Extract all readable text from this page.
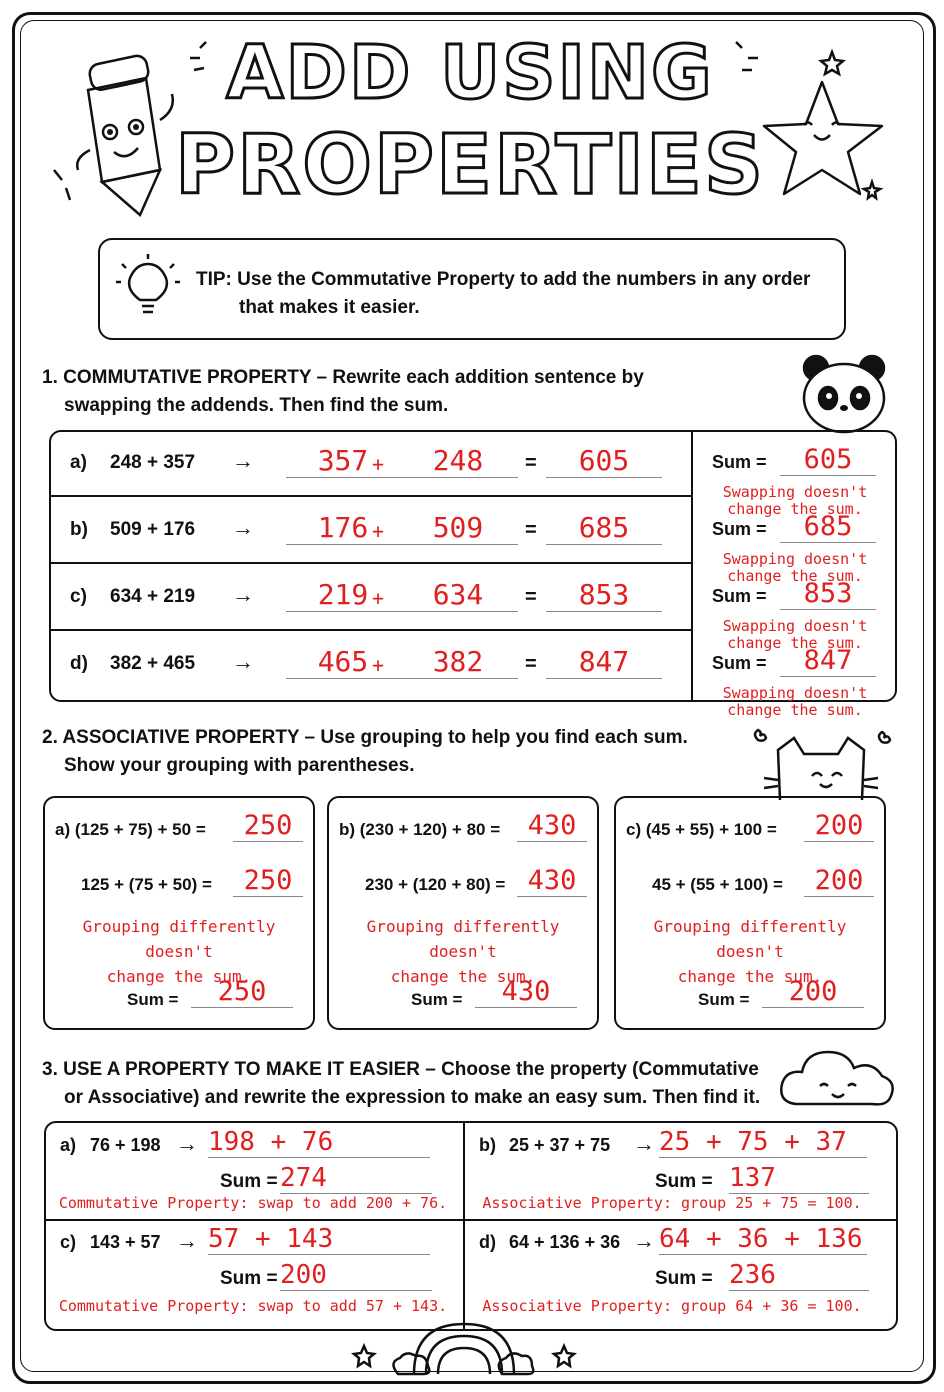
ADD USING
PROPERTIES
TIP: Use the Commutative Property to add the numbers in any order
that makes it easier.
1. COMMUTATIVE PROPERTY – Rewrite each addition sentence by
swapping the addends. Then find the sum.
a) 248 + 357 →	357 +	248	=	605	Sum =	605
Swapping doesn't
change the sum.
b) 509 + 176 →	176 +	509	=	685	Sum =	685
Swapping doesn't
change the sum.
c) 634 + 219 →	219 +	634	=	853	Sum =	853
Swapping doesn't
change the sum.
d) 382 + 465 →	465 +	382	=	847	Sum =	847
Swapping doesn't
change the sum.
2. ASSOCIATIVE PROPERTY – Use grouping to help you find each sum.
Show your grouping with parentheses.
a) (125 + 75) + 50 =	250
125 + (75 + 50) =	250
Grouping differently doesn't
change the sum.
Sum =	250
b) (230 + 120) + 80 =	430
230 + (120 + 80) = 430
Grouping differently doesn't
change the sum.
Sum =	430
c) (45 + 55) + 100 =	200
45 + (55 + 100) =	200
Grouping differently doesn't
change the sum.
Sum =	200
3. USE A PROPERTY TO MAKE IT EASIER – Choose the property (Commutative
or Associative) and rewrite the expression to make an easy sum. Then find it.
a) 76 + 198 → 198 + 76
Sum = 274
Commutative Property: swap to add 200 + 76.
b) 25 + 37 + 75 → 25 + 75 + 37
Sum = 137
Associative Property: group 25 + 75 = 100.
c) 143 + 57 → 57 + 143
Sum = 200
Commutative Property: swap to add 57 + 143.
d) 64 + 136 + 36 → 64 + 36 + 136
Sum = 236
Associative Property: group 64 + 36 = 100.
